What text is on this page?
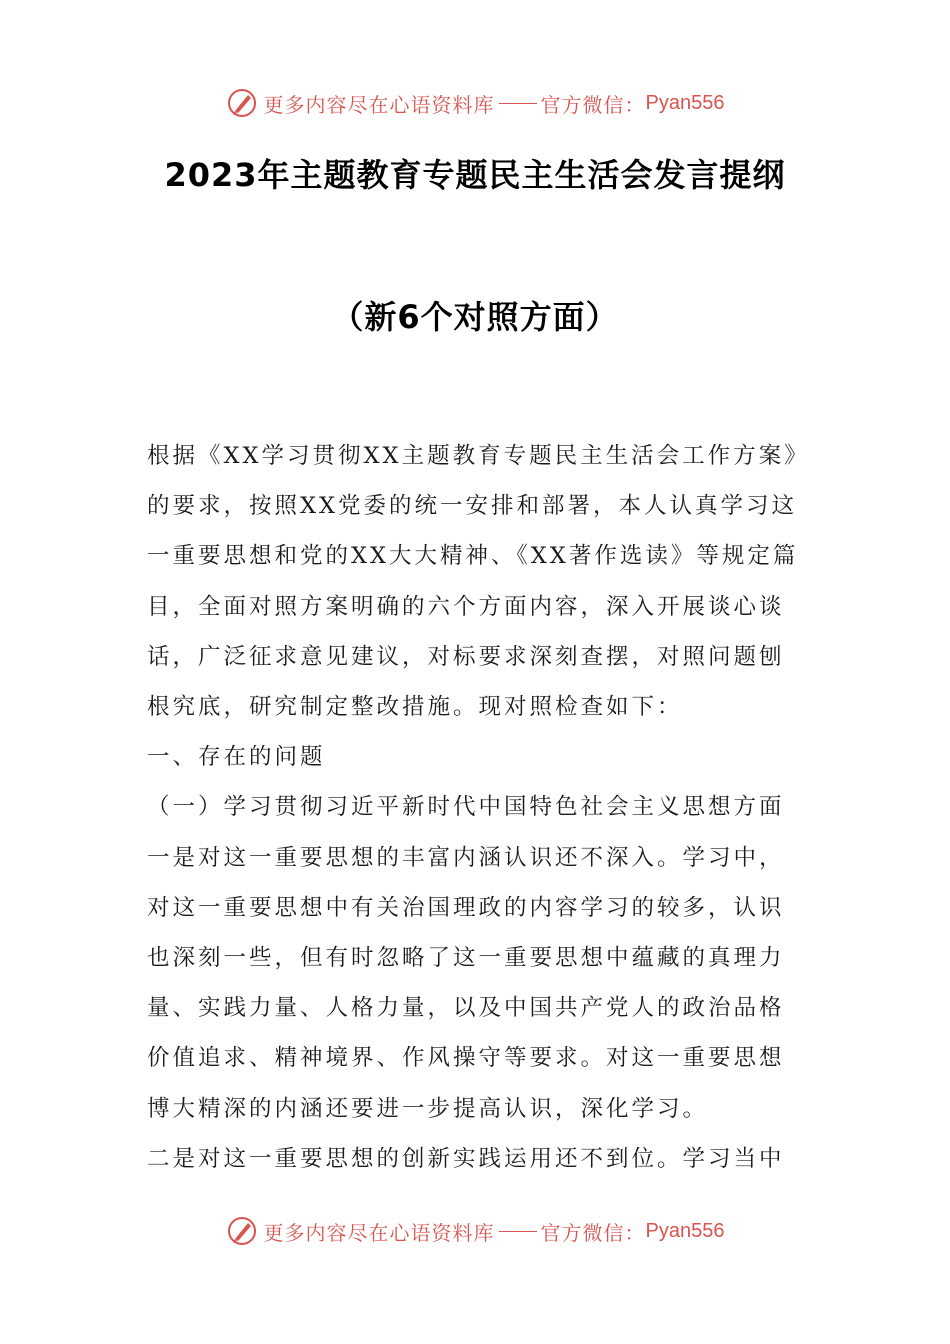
更多内容尽在心语资料库 官方微信： Pyan556
2023年主题教育专题民主生活会发言提纲
（新6个对照方面）
根据《XX学习贯彻XX主题教育专题民主生活会工作方案》
的要求，按照XX党委的统一安排和部署，本人认真学习这
一重要思想和党的XX大大精神、《XX著作选读》等规定篇
目，全面对照方案明确的六个方面内容，深入开展谈心谈
话，广泛征求意见建议，对标要求深刻查摆，对照问题刨
根究底，研究制定整改措施。现对照检查如下：
一、存在的问题
（一）学习贯彻习近平新时代中国特色社会主义思想方面
一是对这一重要思想的丰富内涵认识还不深入。学习中，
对这一重要思想中有关治国理政的内容学习的较多，认识
也深刻一些，但有时忽略了这一重要思想中蕴藏的真理力
量、实践力量、人格力量，以及中国共产党人的政治品格
价值追求、精神境界、作风操守等要求。对这一重要思想
博大精深的内涵还要进一步提高认识，深化学习。
二是对这一重要思想的创新实践运用还不到位。学习当中
更多内容尽在心语资料库 官方微信： Pyan556
